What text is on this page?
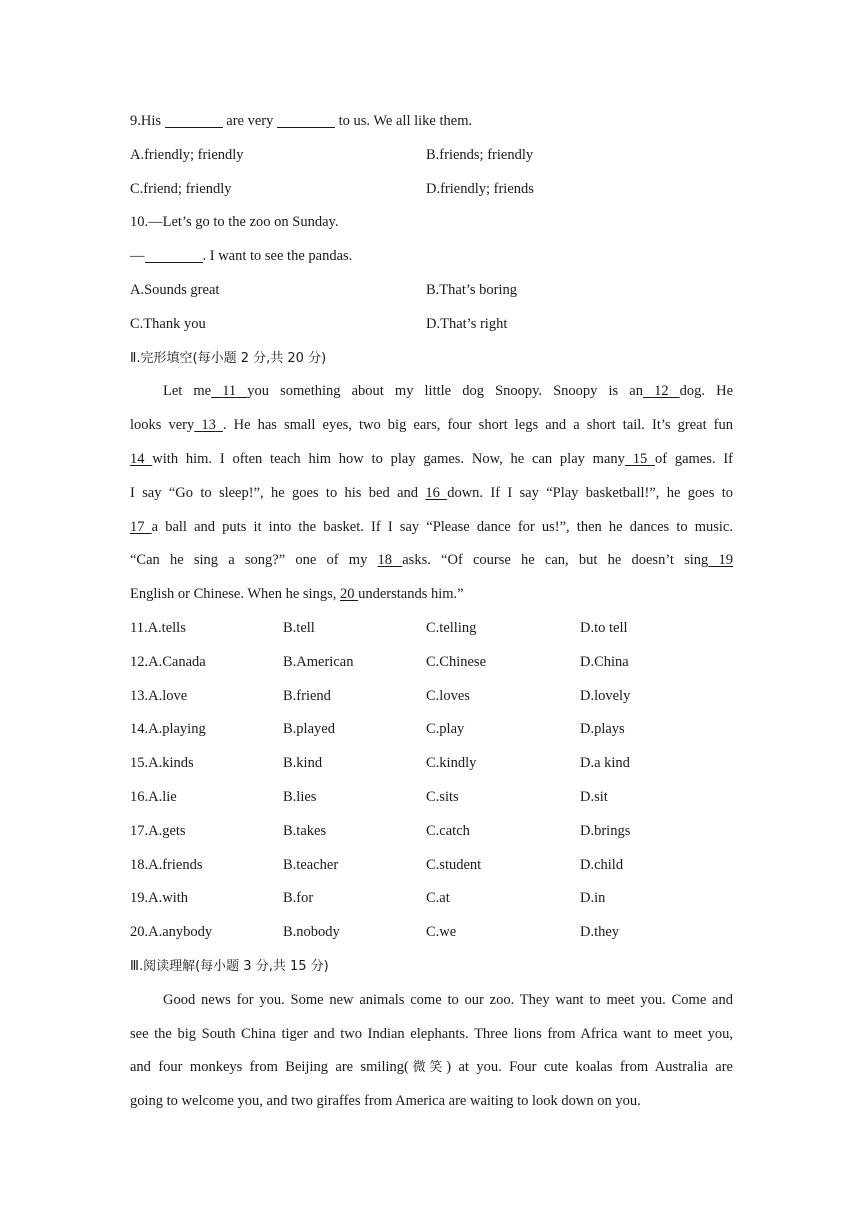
9.His	are very	to us. We all like them.
A.friendly; friendly	B.friends; friendly
C.friend; friendly	D.friendly; friends
10.—Let’s go to the zoo on Sunday.
—	. I want to see the pandas.
A.Sounds great	B.That’s boring
C.Thank you	D.That’s right
Ⅱ.完形填空(每小题 2 分,共 20 分)
Let me 11 you something about my little dog Snoopy. Snoopy is an 12 dog. He
looks very 13 . He has small eyes, two big ears, four short legs and a short tail. It’s great fun
14 with him. I often teach him how to play games. Now, he can play many 15 of games. If
I say “Go to sleep!”, he goes to his bed and 16 down. If I say “Play basketball!”, he goes to
17 a ball and puts it into the basket. If I say “Please dance for us!”, then he dances to music.
“Can he sing a song?” one of my 18 asks. “Of course he can, but he doesn’t sing 19
English or Chinese. When he sings, 20 understands him.”
11.A.tells	B.tell	C.telling	D.to tell
12.A.Canada	B.American	C.Chinese	D.China
13.A.love	B.friend	C.loves	D.lovely
14.A.playing	B.played	C.play	D.plays
15.A.kinds	B.kind	C.kindly	D.a kind
16.A.lie	B.lies	C.sits	D.sit
17.A.gets	B.takes	C.catch	D.brings
18.A.friends	B.teacher	C.student	D.child
19.A.with	B.for	C.at	D.in
20.A.anybody	B.nobody	C.we	D.they
Ⅲ.阅读理解(每小题 3 分,共 15 分)
Good news for you. Some new animals come to our zoo. They want to meet you. Come and
see the big South China tiger and two Indian elephants. Three lions from Africa want to meet you,
and four monkeys from Beijing are smiling(微笑) at you. Four cute koalas from Australia are
going to welcome you, and two giraffes from America are waiting to look down on you.
